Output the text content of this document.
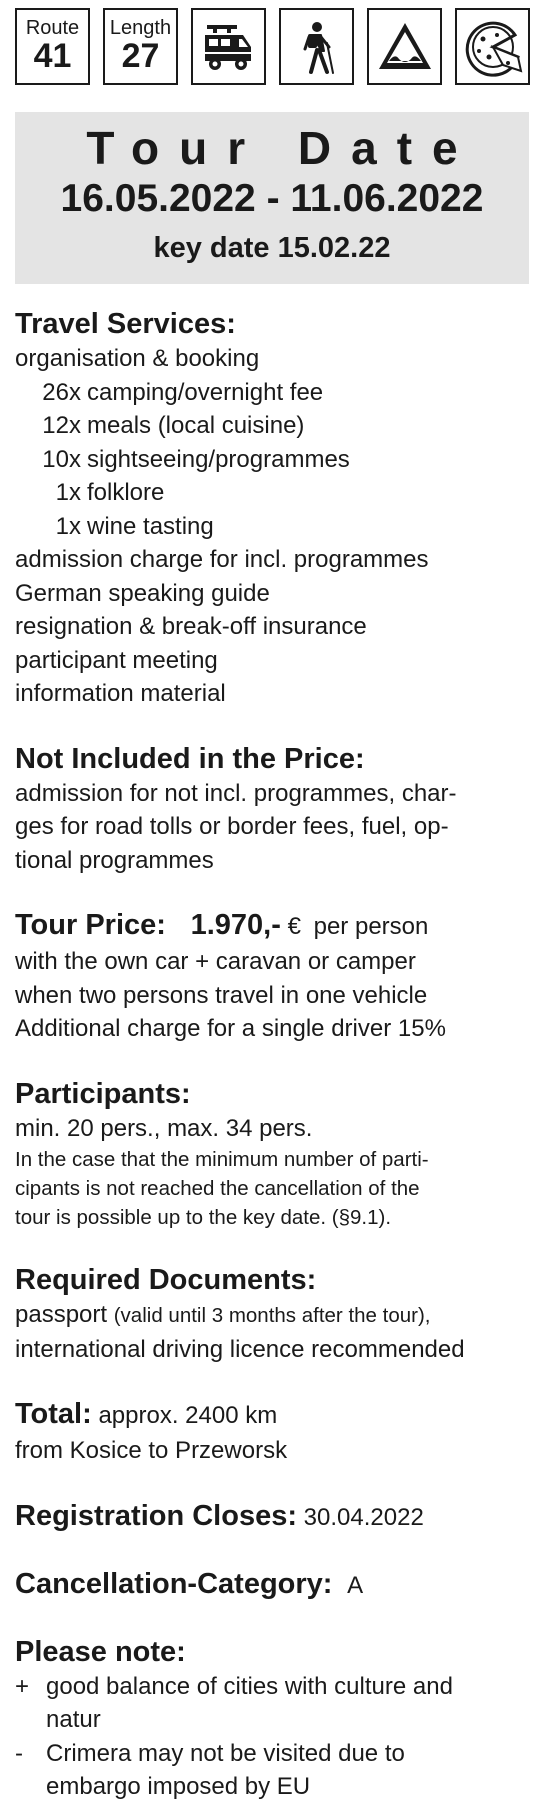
Route
41
Length
27
Tour Date
16.05.2022 - 11.06.2022
key date 15.02.22
Travel Services:
organisation & booking
26x camping/overnight fee
12x meals (local cuisine)
10x sightseeing/programmes
1x folklore
1x wine tasting
admission charge for incl. programmes
German speaking guide
resignation & break-off insurance
participant meeting
information material
Not Included in the Price:
admission for not incl. programmes, char-
ges for road tolls or border fees, fuel, op-
tional programmes
Tour Price: 1.970,- € per person
with the own car + caravan or camper
when two persons travel in one vehicle
Additional charge for a single driver 15%
Participants:
min. 20 pers., max. 34 pers.
In the case that the minimum number of parti-
cipants is not reached the cancellation of the
tour is possible up to the key date. (§9.1).
Required Documents:
passport (valid until 3 months after the tour),
international driving licence recommended
Total: approx. 2400 km
from Kosice to Przeworsk
Registration Closes: 30.04.2022
Cancellation-Category: A
Please note:
+ good balance of cities with culture and
natur
- Crimera may not be visited due to
embargo imposed by EU
